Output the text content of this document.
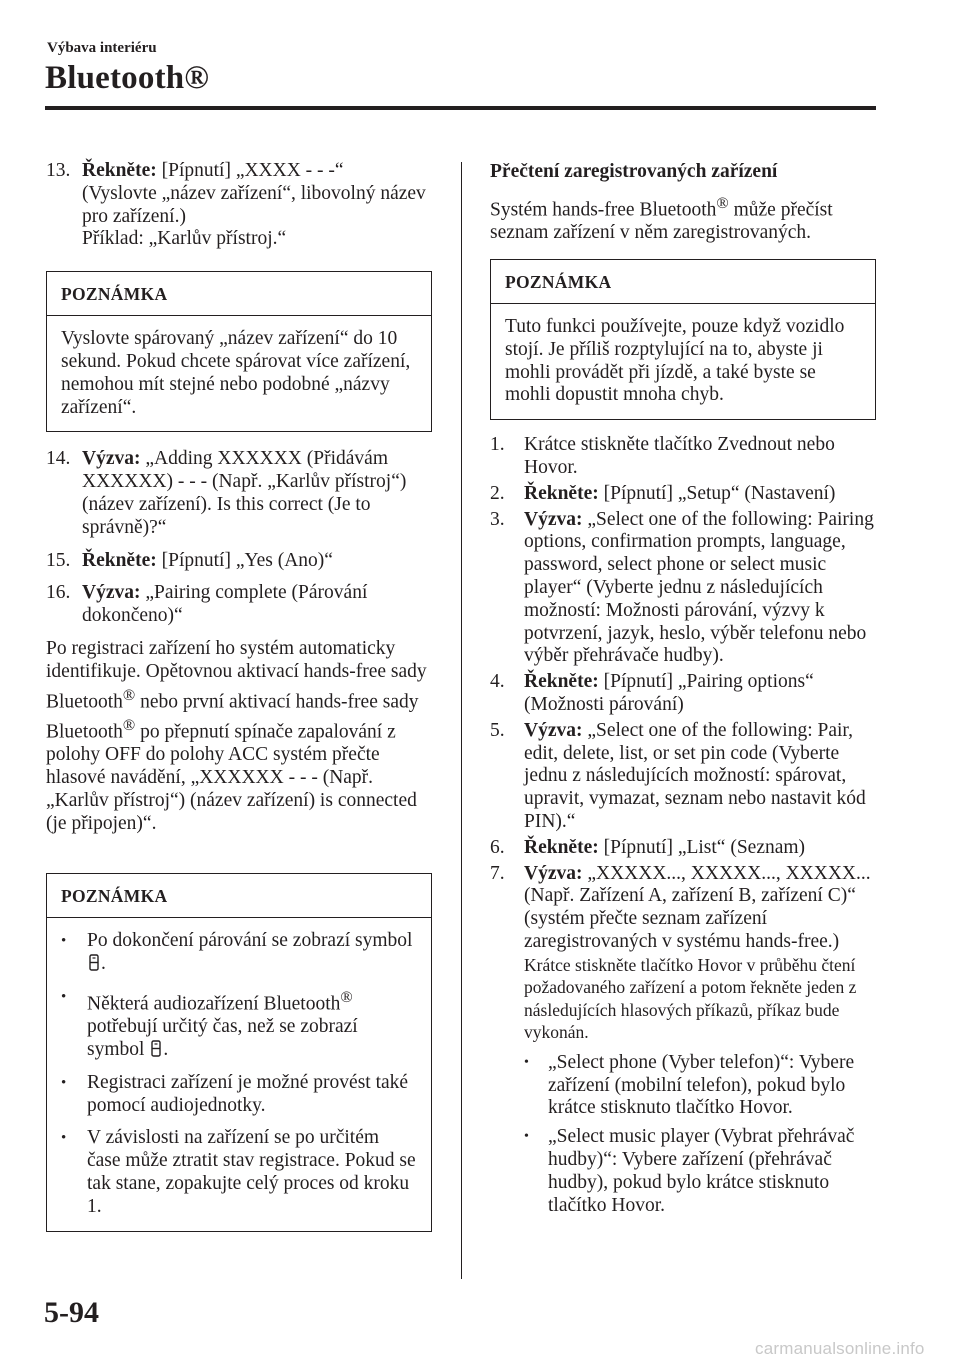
Výbava interiéru
Bluetooth®
13. Řekněte: [Pípnutí] „XXXX - - -“
(Vyslovte „název zařízení“, libovolný název pro zařízení.)
Příklad: „Karlův přístroj.“
POZNÁMKA
Vyslovte spárovaný „název zařízení“ do 10 sekund. Pokud chcete spárovat více zařízení, nemohou mít stejné nebo podobné „názvy zařízení“.
14. Výzva: „Adding XXXXXX (Přidávám XXXXXX) - - - (Např. „Karlův přístroj“) (název zařízení). Is this correct (Je to správně)?“
15. Řekněte: [Pípnutí] „Yes (Ano)“
16. Výzva: „Pairing complete (Párování dokončeno)“

Po registraci zařízení ho systém automaticky identifikuje. Opětovnou aktivací hands-free sady Bluetooth® nebo první aktivací hands-free sady Bluetooth® po přepnutí spínače zapalování z polohy OFF do polohy ACC systém přečte hlasové navádění, „XXXXXX - - - (Např. „Karlův přístroj“) (název zařízení) is connected (je připojen)“.

POZNÁMKA
•	Po dokončení párování se zobrazí symbol .
•	Některá audiozařízení Bluetooth® potřebují určitý čas, než se zobrazí symbol .
•	Registraci zařízení je možné provést také pomocí audiojednotky.
•	V závislosti na zařízení se po určitém čase může ztratit stav registrace. Pokud se tak stane, zopakujte celý proces od kroku 1.
Přečtení zaregistrovaných zařízení

Systém hands-free Bluetooth® může přečíst seznam zařízení v něm zaregistrovaných.

POZNÁMKA
Tuto funkci používejte, pouze když vozidlo stojí. Je příliš rozptylující na to, abyste ji mohli provádět při jízdě, a také byste se mohli dopustit mnoha chyb.
1. Krátce stiskněte tlačítko Zvednout nebo Hovor.
2. Řekněte: [Pípnutí] „Setup“ (Nastavení)
3. Výzva: „Select one of the following: Pairing options, confirmation prompts, language, password, select phone or select music player“ (Vyberte jednu z následujících možností: Možnosti párování, výzvy k potvrzení, jazyk, heslo, výběr telefonu nebo výběr přehrávače hudby).
4. Řekněte: [Pípnutí] „Pairing options“ (Možnosti párování)
5. Výzva: „Select one of the following: Pair, edit, delete, list, or set pin code (Vyberte jednu z následujících možností: spárovat, upravit, vymazat, seznam nebo nastavit kód PIN).“
6. Řekněte: [Pípnutí] „List“ (Seznam)
7. Výzva: „XXXXX..., XXXXX..., XXXXX... (Např. Zařízení A, zařízení B, zařízení C)“ (systém přečte seznam zařízení zaregistrovaných v systému hands-free.)
Krátce stiskněte tlačítko Hovor v průběhu čtení požadovaného zařízení a potom řekněte jeden z následujících hlasových příkazů, příkaz bude vykonán.
• „Select phone (Vyber telefon)“: Vybere zařízení (mobilní telefon), pokud bylo krátce stisknuto tlačítko Hovor.
• „Select music player (Vybrat přehrávač hudby)“: Vybere zařízení (přehrávač hudby), pokud bylo krátce stisknuto tlačítko Hovor.
5-94
carmanualsonline.info
